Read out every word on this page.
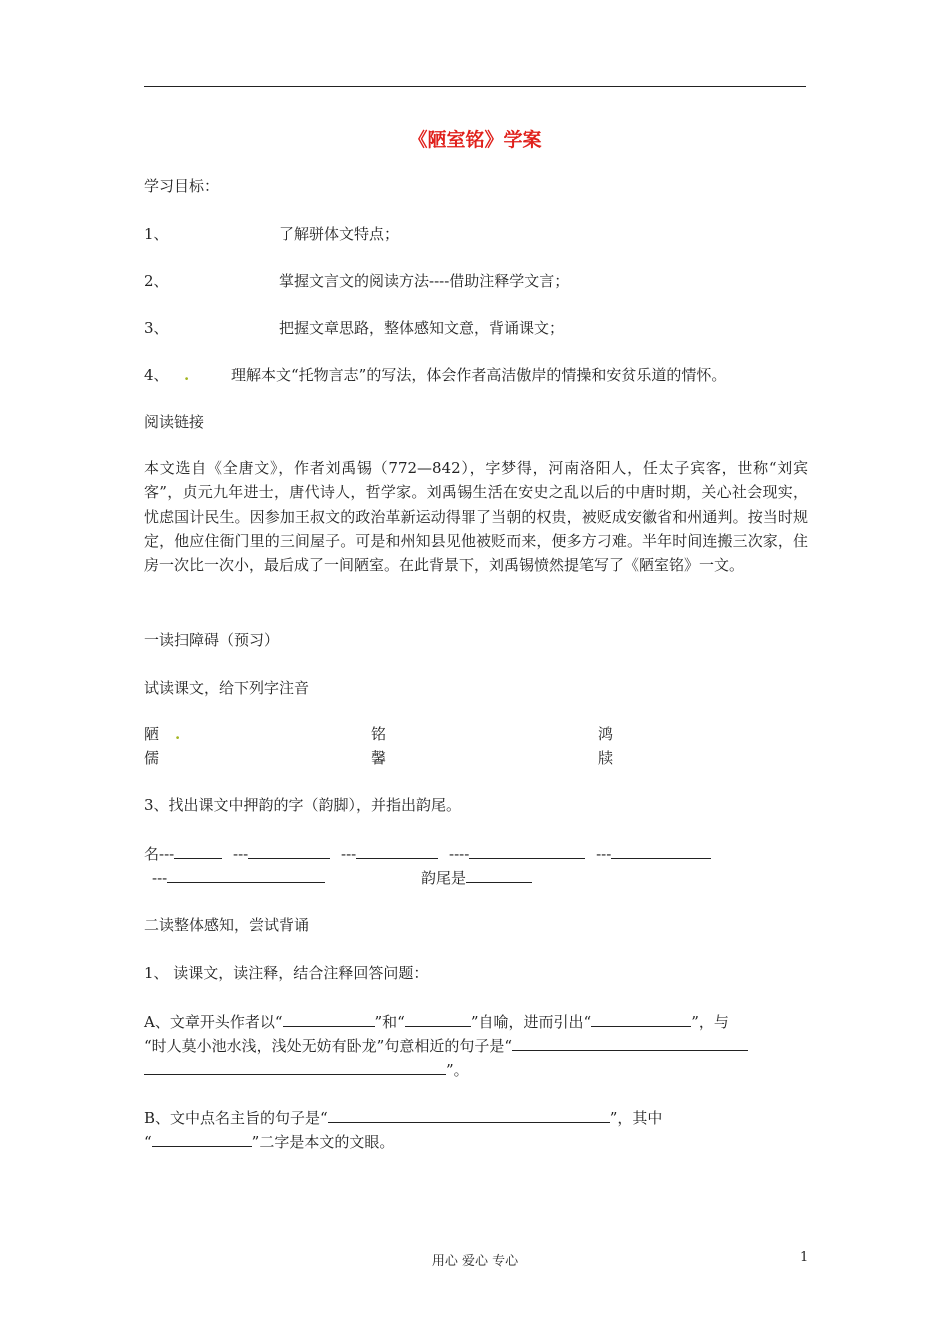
《陋室铭》学案
学习目标：
1、	了解骈体文特点；
2、	掌握文言文的阅读方法----借助注释学文言；
3、	把握文章思路，整体感知文意，背诵课文；
4、 .	理解本文“托物言志”的写法，体会作者高洁傲岸的情操和安贫乐道的情怀。
阅读链接
本文选自《全唐文》，作者刘禹锡（772—842），字梦得，河南洛阳人，任太子宾客，世称“刘宾客”，贞元九年进士，唐代诗人，哲学家。刘禹锡生活在安史之乱以后的中唐时期，关心社会现实，忧虑国计民生。因参加王叔文的政治革新运动得罪了当朝的权贵，被贬成安徽省和州通判。按当时规定，他应住衙门里的三间屋子。可是和州知县见他被贬而来，便多方刁难。半年时间连搬三次家，住房一次比一次小，最后成了一间陋室。在此背景下，刘禹锡愤然提笔写了《陋室铭》一文。
一读扫障碍（预习）
试读课文，给下列字注音
陋 .	铭	鸿
儒	馨	牍
3、找出课文中押韵的字（韵脚），并指出韵尾。
名---	---	---	----	---
---	韵尾是
二读整体感知，尝试背诵
1、 读课文，读注释，结合注释回答问题：
A、文章开头作者以“	”和“	”自喻，进而引出“	”，与
“时人莫小池水浅，浅处无妨有卧龙”句意相近的句子是“
”。
B、文中点名主旨的句子是“	”，其中
“	”二字是本文的文眼。
用心 爱心 专心	1
